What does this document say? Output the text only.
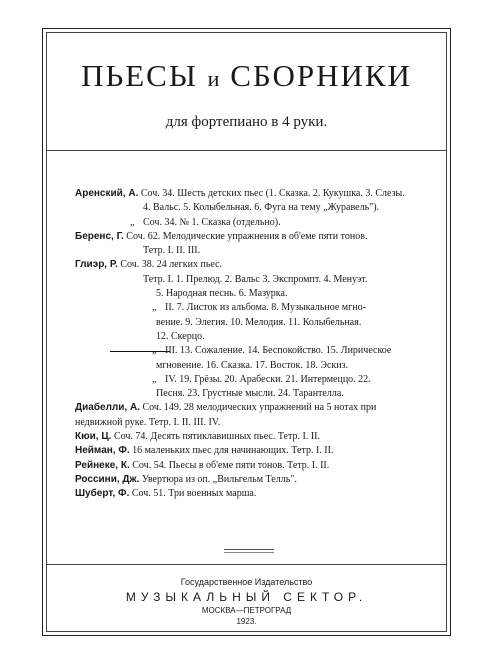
ПЬЕСЫ и СБОРНИКИ

для фортепиано в 4 руки.

Аренский, А. Соч. 34. Шесть детских пьес (1. Сказка. 2. Кукушка. 3. Слезы.
4. Вальс. 5. Колыбельная. 6. Фуга на тему „Журавель").
„ Соч. 34. № 1. Сказка (отдельно).
Беренс, Г. Соч. 62. Мелодические упражнения в об'еме пяти тонов.
Тетр. I. II. III.
Глиэр, Р. Соч. 38. 24 легких пьес.
Тетр. I. 1. Прелюд. 2. Вальс 3. Экспромпт. 4. Менуэт.
5. Народная песнь. 6. Мазурка.
„ II. 7. Листок из альбома. 8. Музыкальное мгно-
вение. 9. Элегия. 10. Мелодия. 11. Колыбельная.
12. Скерцо.
„ III. 13. Сожаление. 14. Беспокойство. 15. Лирическое
мгновение. 16. Сказка. 17. Восток. 18. Эскиз.
„ IV. 19. Грёзы. 20. Арабески. 21. Интермеццо. 22.
Песня. 23. Грустные мысли. 24. Тарантелла.
Диабелли, А. Соч. 149. 28 мелодических упражнений на 5 нотах при
недвижной руке. Тетр. I. II. III. IV.
Кюи, Ц. Соч. 74. Десять пятиклавишных пьес. Тетр. I. II.
Нейман, Ф. 16 маленьких пьес для начинающих. Тетр. I. II.
Рейнеке, К. Соч. 54. Пьесы в об'еме пяти тонов. Тетр. I. II.
Россини, Дж. Увертюра из оп. „Вильгельм Телль".
Шуберт, Ф. Соч. 51. Три военных марша.

Государственное Издательство

МУЗЫКАЛЬНЫЙ СЕКТОР.

МОСКВА—ПЕТРОГРАД

1923.
